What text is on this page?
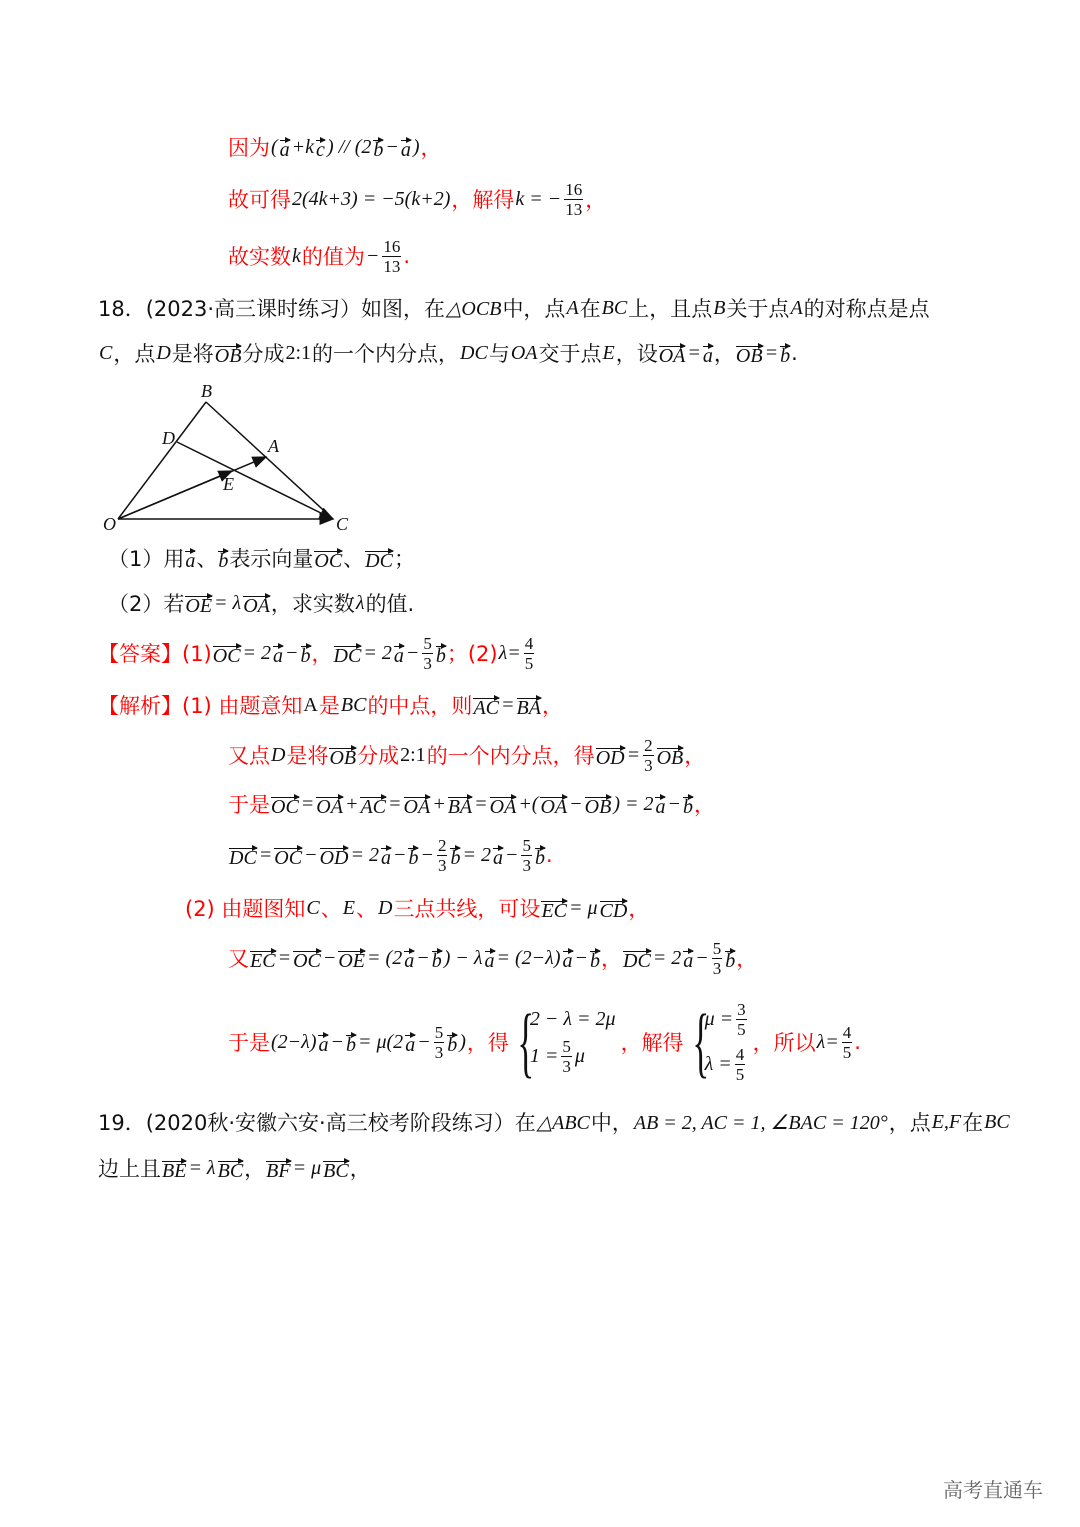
因为 ( a +k c ) // (2 b − a ) ，
故可得 2(4k+3) = −5(k+2) ，解得 k = − $\frac{16}{13}$ ，
故实数 k 的值为 − $\frac{16}{13}$ .
18．(2023·高三课时练习）如图，在 △OCB 中，点 A 在 BC 上，且点 B 关于点 A 的对称点是点
C ，点 D 是将 OB 分成 2:1 的一个内分点， DC 与 OA 交于点 E ，设 OA = a ， OB = b .
B
D	A
E
O	C
（1）用 a 、 b 表示向量 OC 、 DC ；
（2）若 OE = λ OA ，求实数 λ 的值.
【答案】(1) OC = 2 a − b ， DC = 2 $a - \frac{5}{3}$ b ；(2) $\lambda= \frac{4}{5}$
【解析】(1) 由题意知 A 是 BC 的中点，则 AC = BA ，
又点 D 是将 OB 分成 2:1 的一个内分点，得 OD = $\frac{2}{3}$ OB ，
于是 OC = OA + AC = OA + BA = OA +( OA − OB ) = 2 a − b ，
DC = OC − OD = 2 $a - b - \frac{2}{3}$ b = 2 $a - \frac{5}{3}$ b .
(2) 由题图知 C 、 E 、 D 三点共线，可设 EC = μ CD ，
又 EC = OC − OE = (2 a − b ) − λ a = (2−λ) a − b ， DC = 2 $a - \frac{5}{3}$ b ，
于是 (2−λ) a − b = μ(2 $a - \frac{5}{3}$ b ) ，得 {
2 − λ = 2μ
$1 = \frac{5}{3}$ μ
，解得 {
$\mu = \frac{3}{5}$
$\lambda = \frac{4}{5}$
，所以 $\lambda= \frac{4}{5}$ .
19．(2020秋·安徽六安·高三校考阶段练习）在 △ABC 中， AB = 2, AC = 1, ∠BAC = 120° ，点 E,F 在 BC
边上且 BE = λ BC ， BF = μ BC ，
高考直通车
